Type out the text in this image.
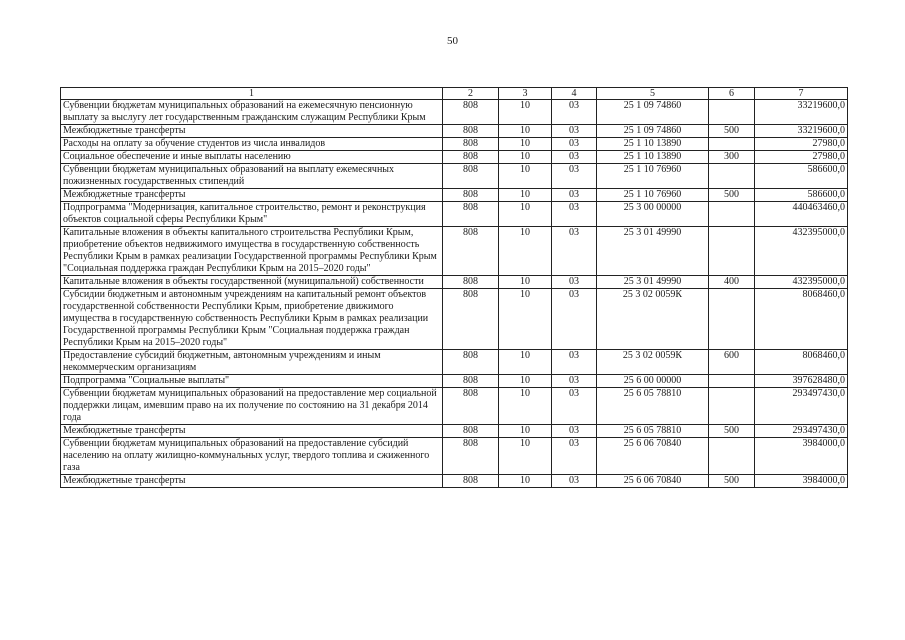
50
1	2	3	4	5	6	7
Субвенции бюджетам муниципальных образований на ежемесячную пенсионную выплату за выслугу лет государственным гражданским служащим Республики Крым	808	10	03	25 1 09 74860		33219600,0
Межбюджетные трансферты	808	10	03	25 1 09 74860	500	33219600,0
Расходы на оплату за обучение студентов из числа инвалидов	808	10	03	25 1 10 13890		27980,0
Социальное обеспечение и иные выплаты населению	808	10	03	25 1 10 13890	300	27980,0
Субвенции бюджетам муниципальных образований на выплату ежемесячных пожизненных государственных стипендий	808	10	03	25 1 10 76960		586600,0
Межбюджетные трансферты	808	10	03	25 1 10 76960	500	586600,0
Подпрограмма "Модернизация, капитальное строительство, ремонт и реконструкция объектов социальной сферы Республики Крым"	808	10	03	25 3 00 00000		440463460,0
Капитальные вложения в объекты капитального строительства Республики Крым, приобретение объектов недвижимого имущества в государственную собственность Республики Крым в рамках реализации Государственной программы Республики Крым "Социальная поддержка граждан Республики Крым на 2015–2020 годы"	808	10	03	25 3 01 49990		432395000,0
Капитальные вложения в объекты государственной (муниципальной) собственности	808	10	03	25 3 01 49990	400	432395000,0
Субсидии бюджетным и автономным учреждениям на капитальный ремонт объектов государственной собственности Республики Крым, приобретение движимого имущества в государственную собственность Республики Крым в рамках реализации Государственной программы Республики Крым "Социальная поддержка граждан Республики Крым на 2015–2020 годы"	808	10	03	25 3 02 0059К		8068460,0
Предоставление субсидий бюджетным, автономным учреждениям и иным некоммерческим организациям	808	10	03	25 3 02 0059К	600	8068460,0
Подпрограмма "Социальные выплаты"	808	10	03	25 6 00 00000		397628480,0
Субвенции бюджетам муниципальных образований на предоставление мер социальной поддержки лицам, имевшим право на их получение по состоянию на 31 декабря 2014 года	808	10	03	25 6 05 78810		293497430,0
Межбюджетные трансферты	808	10	03	25 6 05 78810	500	293497430,0
Субвенции бюджетам муниципальных образований на предоставление субсидий населению на оплату жилищно-коммунальных услуг, твердого топлива и сжиженного газа	808	10	03	25 6 06 70840		3984000,0
Межбюджетные трансферты	808	10	03	25 6 06 70840	500	3984000,0
